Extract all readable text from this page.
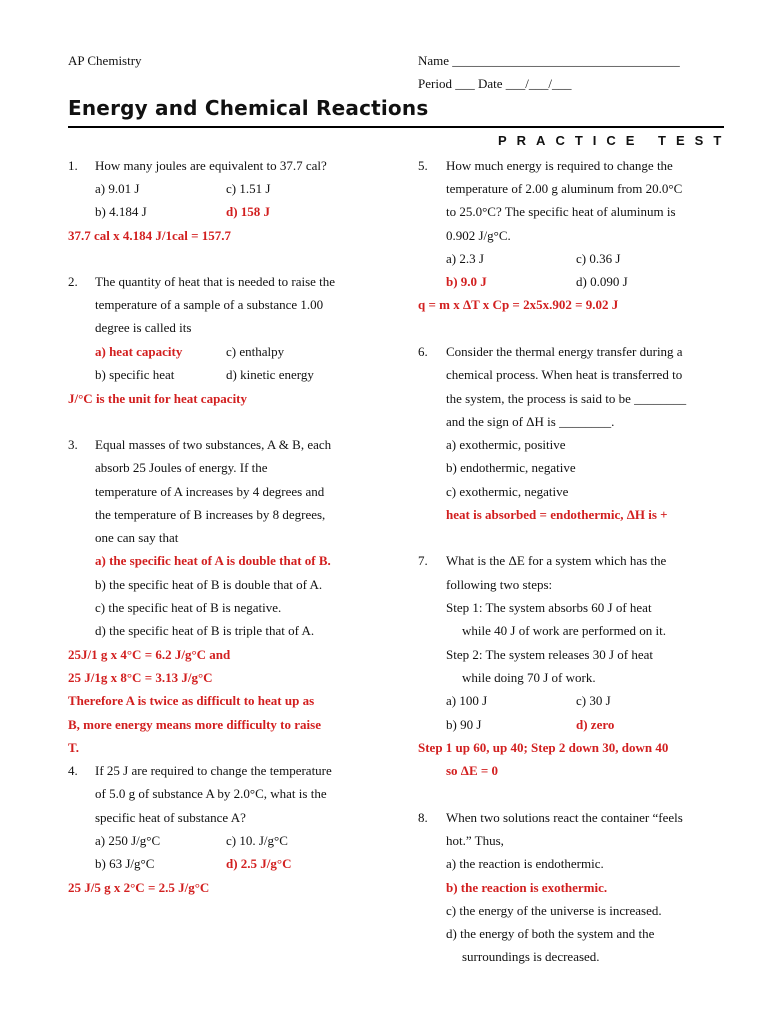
AP Chemistry	Name ___________________________________
Period ___ Date ___/___/___
Energy and Chemical Reactions
PRACTICE TEST
1. How many joules are equivalent to 37.7 cal?
a) 9.01 J	c) 1.51 J
b) 4.184 J	d) 158 J
37.7 cal x 4.184 J/1cal = 157.7
2. The quantity of heat that is needed to raise the
temperature of a sample of a substance 1.00
degree is called its
a) heat capacity	c) enthalpy
b) specific heat	d) kinetic energy
J/°C is the unit for heat capacity
3. Equal masses of two substances, A & B, each
absorb 25 Joules of energy. If the
temperature of A increases by 4 degrees and
the temperature of B increases by 8 degrees,
one can say that
a) the specific heat of A is double that of B.
b) the specific heat of B is double that of A.
c) the specific heat of B is negative.
d) the specific heat of B is triple that of A.
25J/1 g x 4°C = 6.2 J/g°C and
25 J/1g x 8°C = 3.13 J/g°C
Therefore A is twice as difficult to heat up as
B, more energy means more difficulty to raise
T.
4. If 25 J are required to change the temperature
of 5.0 g of substance A by 2.0°C, what is the
specific heat of substance A?
a) 250 J/g°C	c) 10. J/g°C
b) 63 J/g°C	d) 2.5 J/g°C
25 J/5 g x 2°C = 2.5 J/g°C
5. How much energy is required to change the
temperature of 2.00 g aluminum from 20.0°C
to 25.0°C? The specific heat of aluminum is
0.902 J/g°C.
a) 2.3 J	c) 0.36 J
b) 9.0 J	d) 0.090 J
q = m x ΔT x Cp = 2x5x.902 = 9.02 J
6. Consider the thermal energy transfer during a
chemical process. When heat is transferred to
the system, the process is said to be ________
and the sign of ΔH is ________.
a) exothermic, positive
b) endothermic, negative
c) exothermic, negative
heat is absorbed = endothermic, ΔH is +
7. What is the ΔE for a system which has the
following two steps:
Step 1: The system absorbs 60 J of heat
while 40 J of work are performed on it.
Step 2: The system releases 30 J of heat
while doing 70 J of work.
a) 100 J	c) 30 J
b) 90 J	d) zero
Step 1 up 60, up 40; Step 2 down 30, down 40
so ΔE = 0
8. When two solutions react the container “feels
hot.” Thus,
a) the reaction is endothermic.
b) the reaction is exothermic.
c) the energy of the universe is increased.
d) the energy of both the system and the
surroundings is decreased.
